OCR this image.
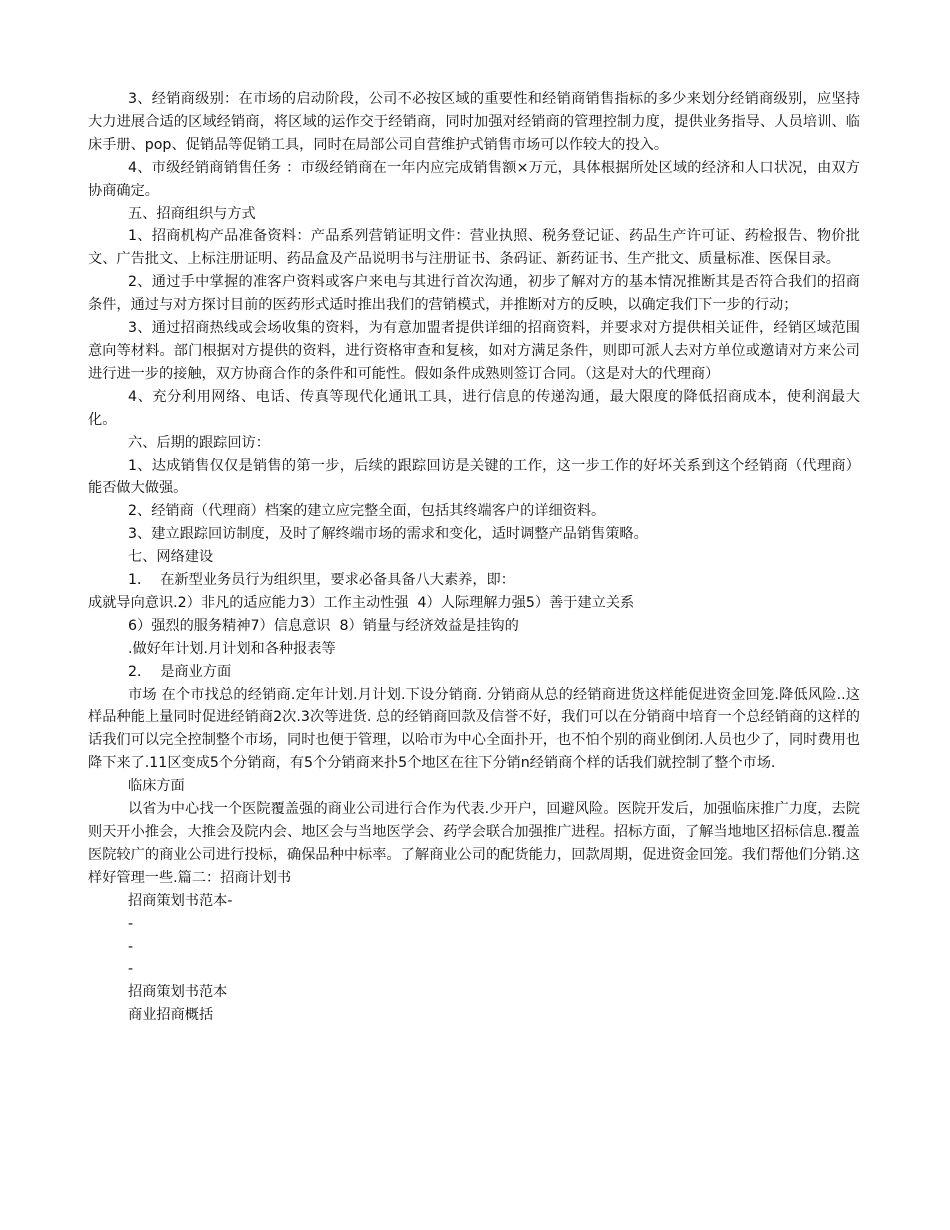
3、经销商级别：在市场的启动阶段，公司不必按区域的重要性和经销商销售指标的多少来划分经销商级别，应坚持大力进展合适的区域经销商，将区域的运作交于经销商，同时加强对经销商的管理控制力度，提供业务指导、人员培训、临床手册、pop、促销品等促销工具，同时在局部公司自营维护式销售市场可以作较大的投入。

4、市级经销商销售任务 ：市级经销商在一年内应完成销售额×万元，具体根据所处区域的经济和人口状况，由双方协商确定。

五、招商组织与方式

1、招商机构产品准备资料：产品系列营销证明文件：营业执照、税务登记证、药品生产许可证、药检报告、物价批文、广告批文、上标注册证明、药品盒及产品说明书与注册证书、条码证、新药证书、生产批文、质量标准、医保目录。

2、通过手中掌握的准客户资料或客户来电与其进行首次沟通，初步了解对方的基本情况推断其是否符合我们的招商条件，通过与对方探讨目前的医药形式适时推出我们的营销模式，并推断对方的反映，以确定我们下一步的行动；

3、通过招商热线或会场收集的资料，为有意加盟者提供详细的招商资料，并要求对方提供相关证件，经销区域范围意向等材料。部门根据对方提供的资料，进行资格审查和复核，如对方满足条件，则即可派人去对方单位或邀请对方来公司进行进一步的接触，双方协商合作的条件和可能性。假如条件成熟则签订合同。（这是对大的代理商）

4、充分利用网络、电话、传真等现代化通讯工具，进行信息的传递沟通，最大限度的降低招商成本，使利润最大化。

六、后期的跟踪回访：

1、达成销售仅仅是销售的第一步，后续的跟踪回访是关键的工作，这一步工作的好坏关系到这个经销商（代理商）能否做大做强。

2、经销商（代理商）档案的建立应完整全面，包括其终端客户的详细资料。

3、建立跟踪回访制度，及时了解终端市场的需求和变化，适时调整产品销售策略。

七、网络建设

1．  在新型业务员行为组织里，要求必备具备八大素养，即：

成就导向意识.2）非凡的适应能力3）工作主动性强  4）人际理解力强5）善于建立关系

6）强烈的服务精神7）信息意识  8）销量与经济效益是挂钩的

.做好年计划.月计划和各种报表等

2．  是商业方面

市场 在个市找总的经销商.定年计划.月计划.下设分销商. 分销商从总的经销商进货这样能促进资金回笼.降低风险..这样品种能上量同时促进经销商2次.3次等进货. 总的经销商回款及信誉不好，我们可以在分销商中培育一个总经销商的这样的话我们可以完全控制整个市场，同时也便于管理，以哈市为中心全面扑开，也不怕个别的商业倒闭.人员也少了，同时费用也降下来了.11区变成5个分销商，有5个分销商来扑5个地区在往下分销n经销商个样的话我们就控制了整个市场.

临床方面

以省为中心找一个医院覆盖强的商业公司进行合作为代表.少开户，回避风险。医院开发后，加强临床推广力度，去院则天开小推会，大推会及院内会、地区会与当地医学会、药学会联合加强推广进程。招标方面，了解当地地区招标信息.覆盖医院较广的商业公司进行投标，确保品种中标率。了解商业公司的配货能力，回款周期，促进资金回笼。我们帮他们分销.这样好管理一些.篇二：招商计划书

招商策划书范本-

-

-

-

招商策划书范本

商业招商概括
